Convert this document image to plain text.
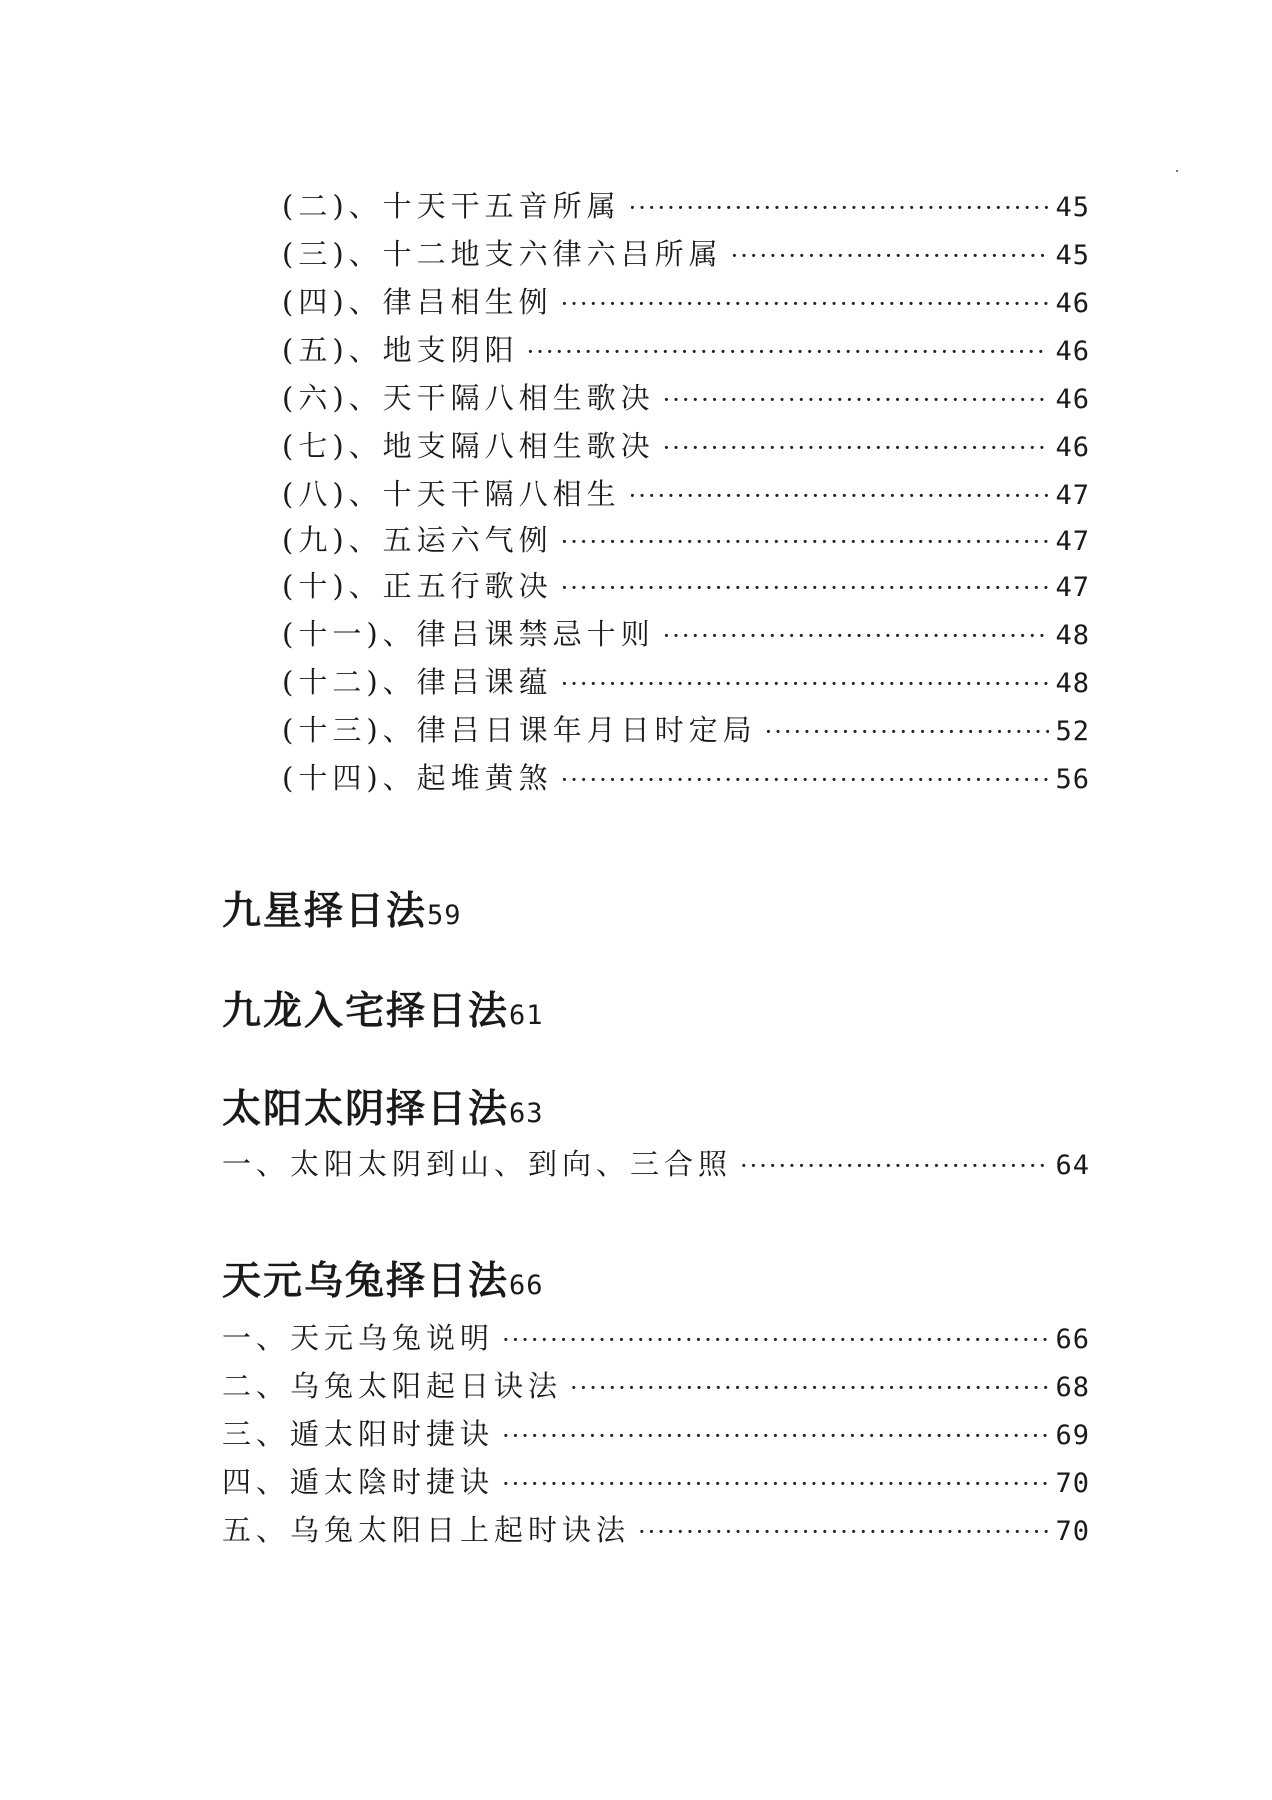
(二)、十天干五音所属 ·····	45
(三)、十二地支六律六吕所属 ·····	45
(四)、律吕相生例 ·····	46
(五)、地支阴阳 ·····	46
(六)、天干隔八相生歌决 ·····	46
(七)、地支隔八相生歌决 ·····	46
(八)、十天干隔八相生 ·····	47
(九)、五运六气例 ·····	47
(十)、正五行歌决 ·····	47
(十一)、律吕课禁忌十则 ·····	48
(十二)、律吕课蕴 ·····	48
(十三)、律吕日课年月日时定局 ·····	52
(十四)、起堆黄煞 ·····	56
九星择日法 59
九龙入宅择日法 61
太阳太阴择日法 63
一、太阳太阴到山、到向、三合照 ·····	64
天元乌兔择日法 66
一、天元乌兔说明 ·····	66
二、乌兔太阳起日诀法 ·····	68
三、遁太阳时捷诀 ·····	69
四、遁太陰时捷诀 ·····	70
五、乌兔太阳日上起时诀法 ·····	70
